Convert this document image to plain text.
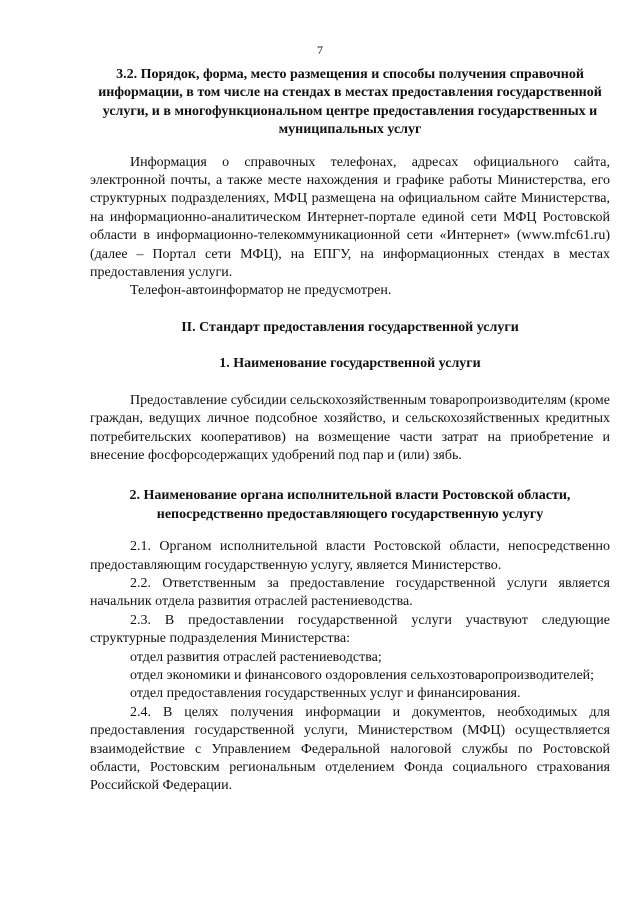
7

3.2. Порядок, форма, место размещения и способы получения справочной информации, в том числе на стендах в местах предоставления государственной услуги, и в многофункциональном центре предоставления государственных и муниципальных услуг

Информация о справочных телефонах, адресах официального сайта, электронной почты, а также месте нахождения и графике работы Министерства, его структурных подразделениях, МФЦ размещена на официальном сайте Министерства, на информационно-аналитическом Интернет-портале единой сети МФЦ Ростовской области в информационно-телекоммуникационной сети «Интернет» (www.mfc61.ru) (далее – Портал сети МФЦ), на ЕПГУ, на информационных стендах в местах предоставления услуги.

Телефон-автоинформатор не предусмотрен.

II. Стандарт предоставления государственной услуги

1. Наименование государственной услуги

Предоставление субсидии сельскохозяйственным товаропроизводителям (кроме граждан, ведущих личное подсобное хозяйство, и сельскохозяйственных кредитных потребительских кооперативов) на возмещение части затрат на приобретение и внесение фосфорсодержащих удобрений под пар и (или) зябь.

2. Наименование органа исполнительной власти Ростовской области, непосредственно предоставляющего государственную услугу

2.1. Органом исполнительной власти Ростовской области, непосредственно предоставляющим государственную услугу, является Министерство.

2.2. Ответственным за предоставление государственной услуги является начальник отдела развития отраслей растениеводства.

2.3. В предоставлении государственной услуги участвуют следующие структурные подразделения Министерства:

отдел развития отраслей растениеводства;

отдел экономики и финансового оздоровления сельхозтоваропроизводителей;

отдел предоставления государственных услуг и финансирования.

2.4. В целях получения информации и документов, необходимых для предоставления государственной услуги, Министерством (МФЦ) осуществляется взаимодействие с Управлением Федеральной налоговой службы по Ростовской области, Ростовским региональным отделением Фонда социального страхования Российской Федерации.
